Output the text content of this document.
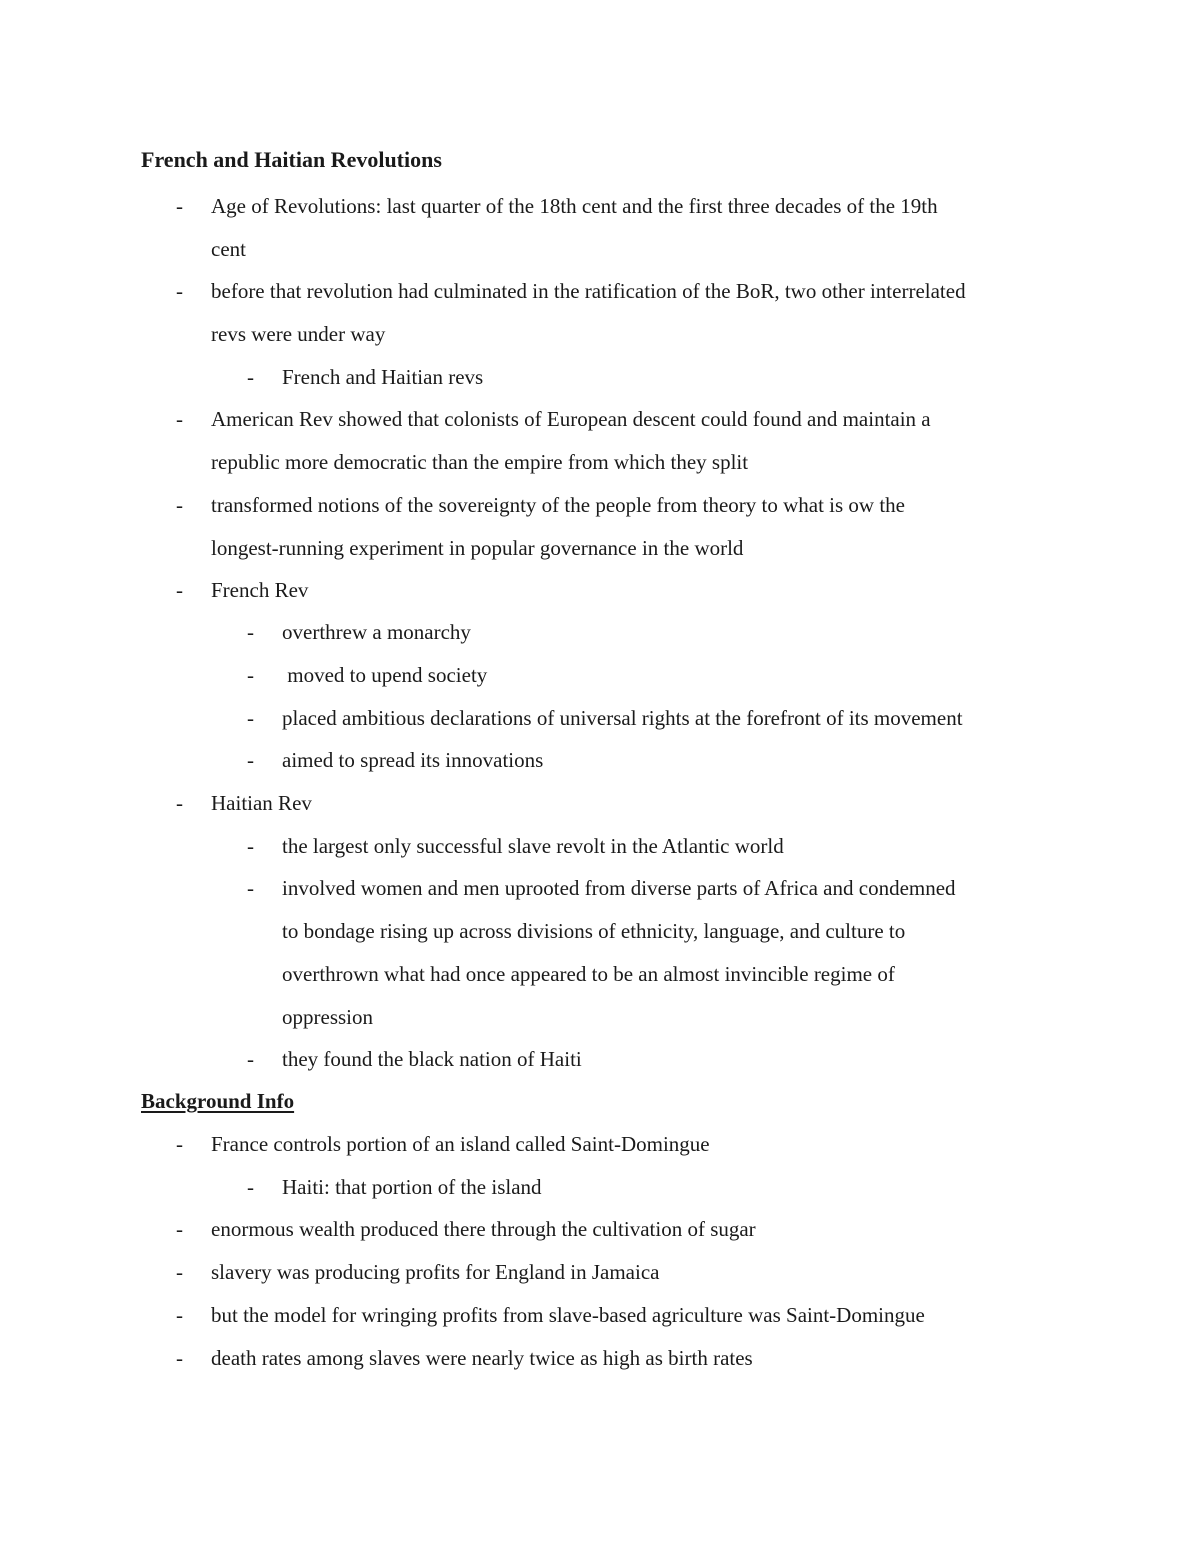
French and Haitian Revolutions
- Age of Revolutions: last quarter of the 18th cent and the first three decades of the 19th
cent
- before that revolution had culminated in the ratification of the BoR, two other interrelated
revs were under way
- French and Haitian revs
- American Rev showed that colonists of European descent could found and maintain a
republic more democratic than the empire from which they split
- transformed notions of the sovereignty of the people from theory to what is ow the
longest-running experiment in popular governance in the world
- French Rev
- overthrew a monarchy
- moved to upend society
- placed ambitious declarations of universal rights at the forefront of its movement
- aimed to spread its innovations
- Haitian Rev
- the largest only successful slave revolt in the Atlantic world
- involved women and men uprooted from diverse parts of Africa and condemned
to bondage rising up across divisions of ethnicity, language, and culture to
overthrown what had once appeared to be an almost invincible regime of
oppression
- they found the black nation of Haiti
Background Info
- France controls portion of an island called Saint-Domingue
- Haiti: that portion of the island
- enormous wealth produced there through the cultivation of sugar
- slavery was producing profits for England in Jamaica
- but the model for wringing profits from slave-based agriculture was Saint-Domingue
- death rates among slaves were nearly twice as high as birth rates
